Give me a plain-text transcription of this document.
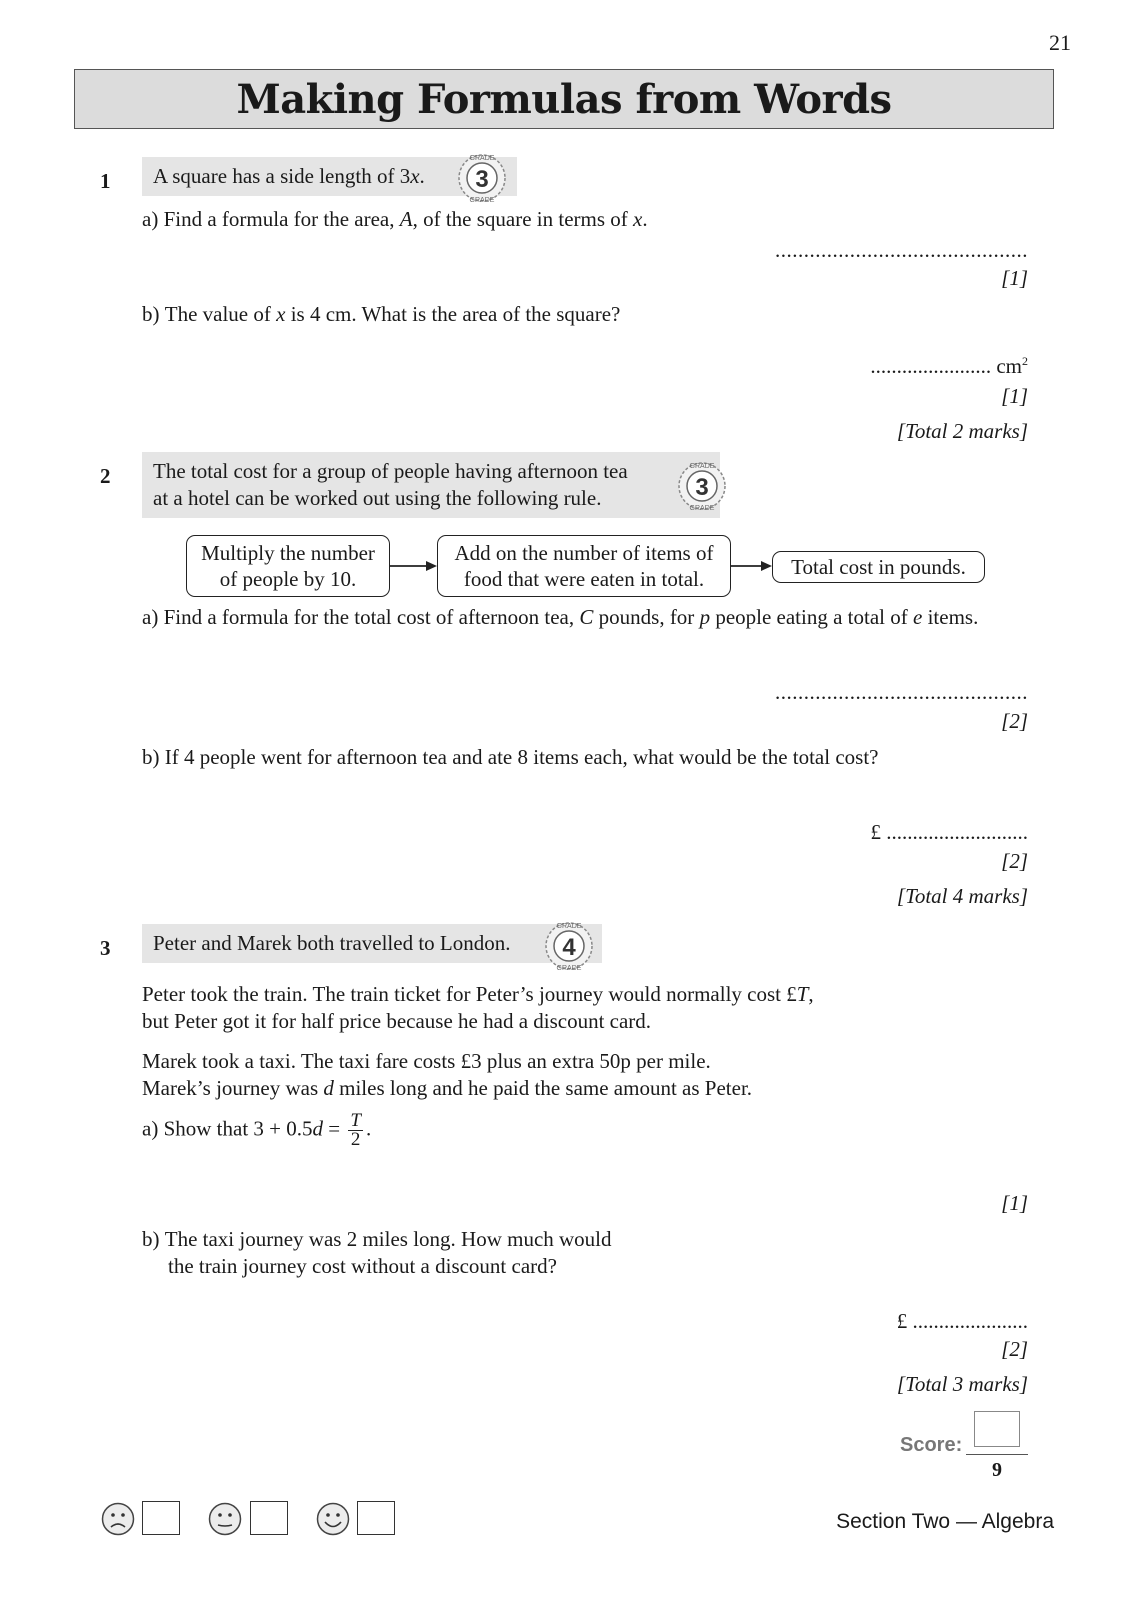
21
Making Formulas from Words
1	A square has a side length of 3x.
GRADE
GRADE
3
a) Find a formula for the area, A, of the square in terms of x.
............................................
[1]
b) The value of x is 4 cm. What is the area of the square?
....................... $cm^2$
[1]
[Total 2 marks]
2 The total cost for a group of people having afternoon tea
at a hotel can be worked out using the following rule.
GRADE
GRADE
3
Multiply the number
of people by 10.
Add on the number of items of
food that were eaten in total.	Total cost in pounds.
a) Find a formula for the total cost of afternoon tea, C pounds, for p people eating a total of e items.
............................................
[2]
b) If 4 people went for afternoon tea and ate 8 items each, what would be the total cost?
£ ...........................
[2]
[Total 4 marks]
3	Peter and Marek both travelled to London.
GRADE
GRADE
4
Peter took the train. The train ticket for Peter’s journey would normally cost £T,
but Peter got it for half price because he had a discount card.
Marek took a taxi. The taxi fare costs £3 plus an extra 50p per mile.
Marek’s journey was d miles long and he paid the same amount as Peter.
a) Show that $3 + 0.5d = \frac{T}{2}$ .
[1]
b) The taxi journey was 2 miles long. How much would
the train journey cost without a discount card?
£ ......................
[2]
[Total 3 marks]
Score:
9
Section Two — Algebra
